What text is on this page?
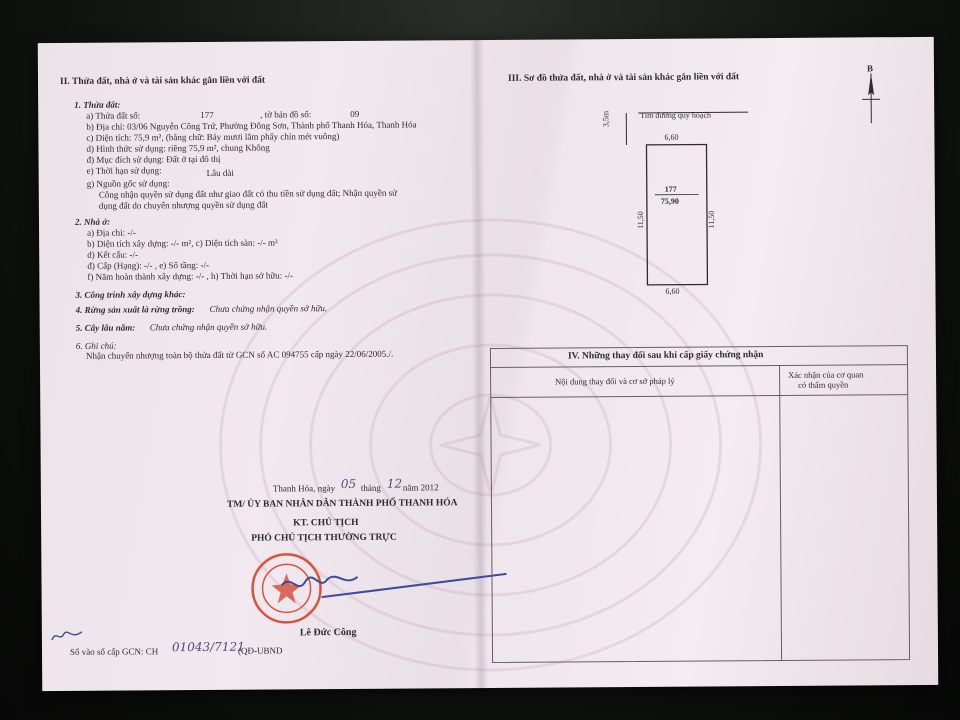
II. Thửa đất, nhà ở và tài sản khác gắn liền với đất
1. Thửa đất:
a) Thửa đất số:	177	, tờ bản đồ số:	09
b) Địa chỉ: 03/06 Nguyễn Công Trứ, Phường Đông Sơn, Thành phố Thanh Hóa, Thanh Hóa
c) Diện tích: 75,9 m², (bằng chữ: Bảy mươi lăm phẩy chín mét vuông)
d) Hình thức sử dụng: riêng 75,9 m², chung Không
đ) Mục đích sử dụng: Đất ở tại đô thị
e) Thời hạn sử dụng:	Lâu dài
g) Nguồn gốc sử dụng:
Công nhận quyền sử dụng đất như giao đất có thu tiền sử dụng đất; Nhận quyền sử
dụng đất do chuyển nhượng quyền sử dụng đất
2. Nhà ở:
a) Địa chỉ: -/-
b) Diện tích xây dựng: -/- m², c) Diện tích sàn: -/- m²
d) Kết cấu: -/-
đ) Cấp (Hạng): -/- , e) Số tầng: -/-
f) Năm hoàn thành xây dựng: -/- , h) Thời hạn sở hữu: -/-
3. Công trình xây dựng khác:
4. Rừng sản xuất là rừng trồng: Chưa chứng nhận quyền sở hữu.
5. Cây lâu năm: Chưa chứng nhận quyền sở hữu.
6. Ghi chú:
Nhận chuyển nhượng toàn bộ thửa đất từ GCN số AC 094755 cấp ngày 22/06/2005./.
Thanh Hóa, ngày 05 tháng 12 năm 2012
TM/ ỦY BAN NHÂN DÂN THÀNH PHỐ THANH HÓA
KT. CHỦ TỊCH
PHÓ CHỦ TỊCH THƯỜNG TRỰC
Lê Đức Công
Số vào sổ cấp GCN: CH 01043/7121
(QĐ-UBND
III. Sơ đồ thửa đất, nhà ở và tài sản khác gắn liền với đất
B
Tim đường quy hoạch
3,5m
6,60
6,60
11,50	11,50
177
75,90
IV. Những thay đổi sau khi cấp giấy chứng nhận
Nội dung thay đổi và cơ sở pháp lý
Xác nhận của cơ quan
có thẩm quyền
